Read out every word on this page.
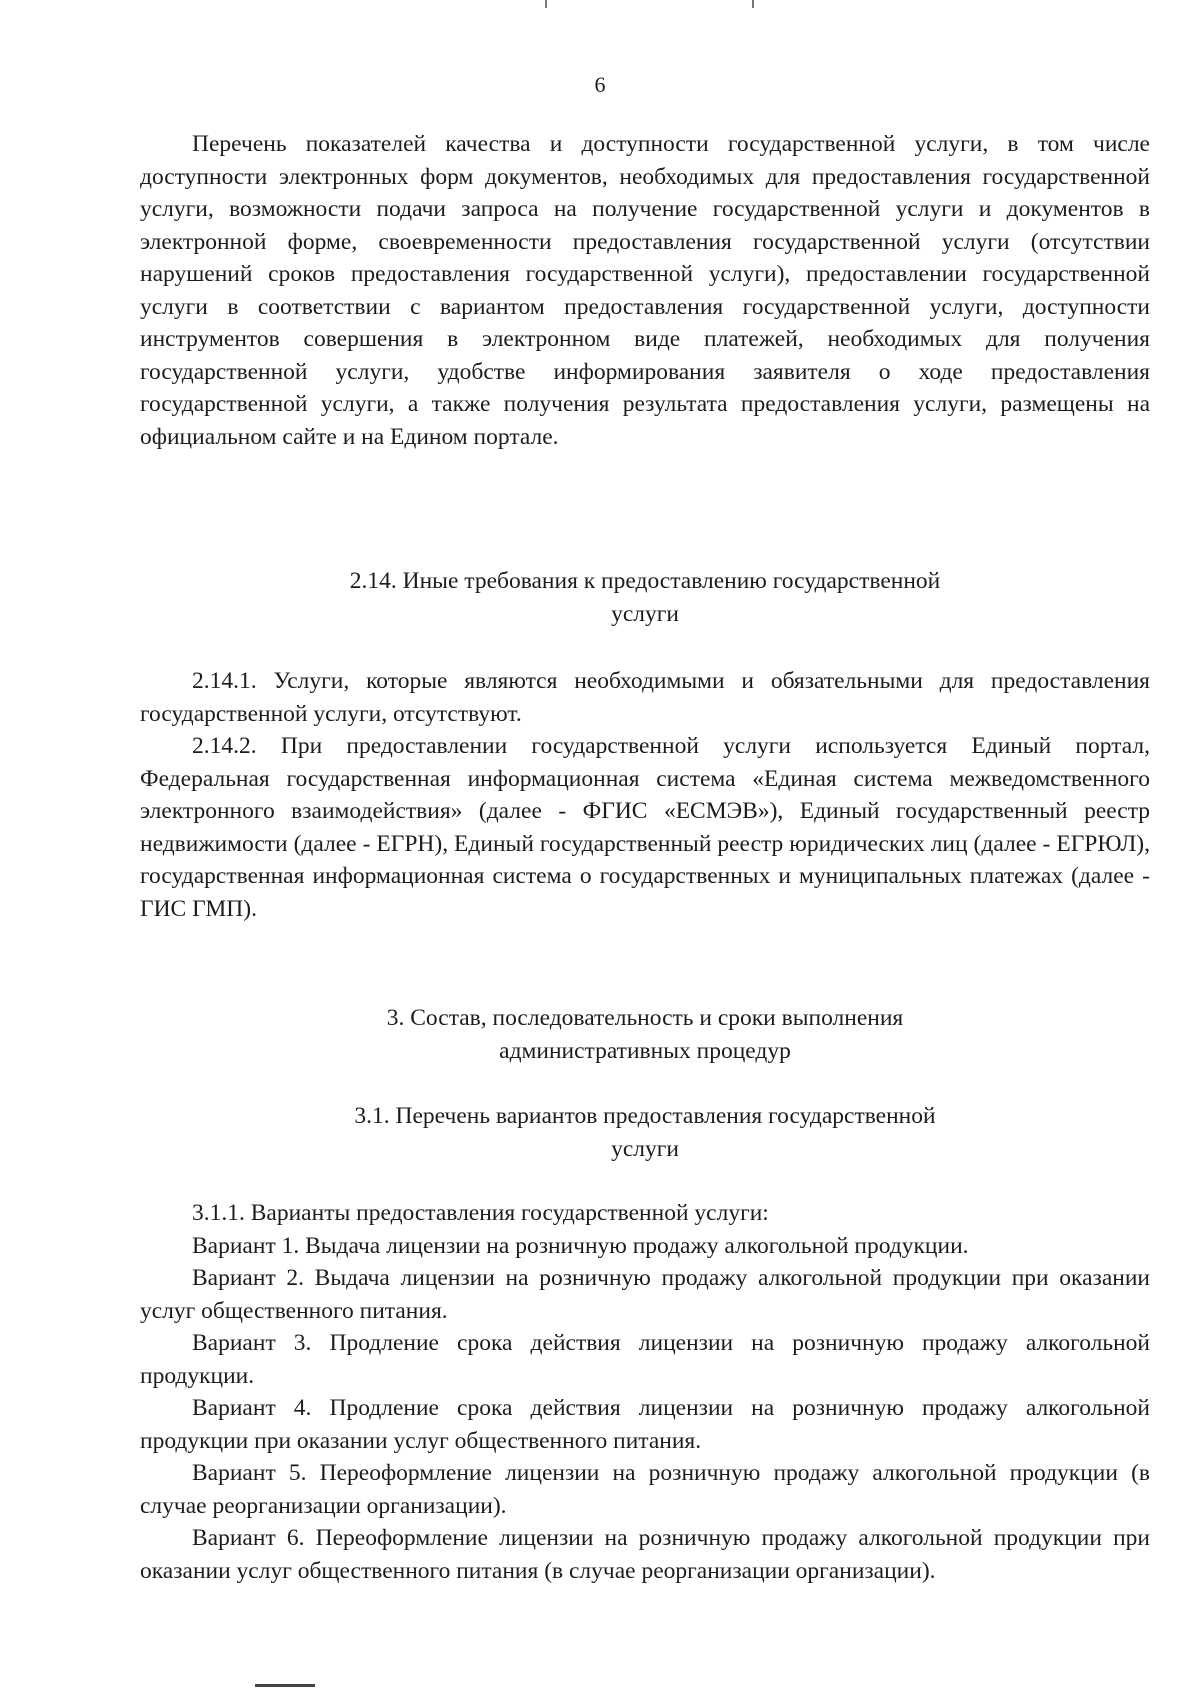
6

Перечень показателей качества и доступности государственной услуги, в том числе доступности электронных форм документов, необходимых для предоставления государственной услуги, возможности подачи запроса на получение государственной услуги и документов в электронной форме, своевременности предоставления государственной услуги (отсутствии нарушений сроков предоставления государственной услуги), предоставлении государственной услуги в соответствии с вариантом предоставления государственной услуги, доступности инструментов совершения в электронном виде платежей, необходимых для получения государственной услуги, удобстве информирования заявителя о ходе предоставления государственной услуги, а также получения результата предоставления услуги, размещены на официальном сайте и на Едином портале.

2.14. Иные требования к предоставлению государственной
услуги

2.14.1. Услуги, которые являются необходимыми и обязательными для предоставления государственной услуги, отсутствуют.

2.14.2. При предоставлении государственной услуги используется Единый портал, Федеральная государственная информационная система «Единая система межведомственного электронного взаимодействия» (далее - ФГИС «ЕСМЭВ»), Единый государственный реестр недвижимости (далее - ЕГРН), Единый государственный реестр юридических лиц (далее - ЕГРЮЛ), государственная информационная система о государственных и муниципальных платежах (далее - ГИС ГМП).

3. Состав, последовательность и сроки выполнения
административных процедур
3.1. Перечень вариантов предоставления государственной
услуги

3.1.1. Варианты предоставления государственной услуги:

Вариант 1. Выдача лицензии на розничную продажу алкогольной продукции.

Вариант 2. Выдача лицензии на розничную продажу алкогольной продукции при оказании услуг общественного питания.

Вариант 3. Продление срока действия лицензии на розничную продажу алкогольной продукции.

Вариант 4. Продление срока действия лицензии на розничную продажу алкогольной продукции при оказании услуг общественного питания.

Вариант 5. Переоформление лицензии на розничную продажу алкогольной продукции (в случае реорганизации организации).

Вариант 6. Переоформление лицензии на розничную продажу алкогольной продукции при оказании услуг общественного питания (в случае реорганизации организации).
